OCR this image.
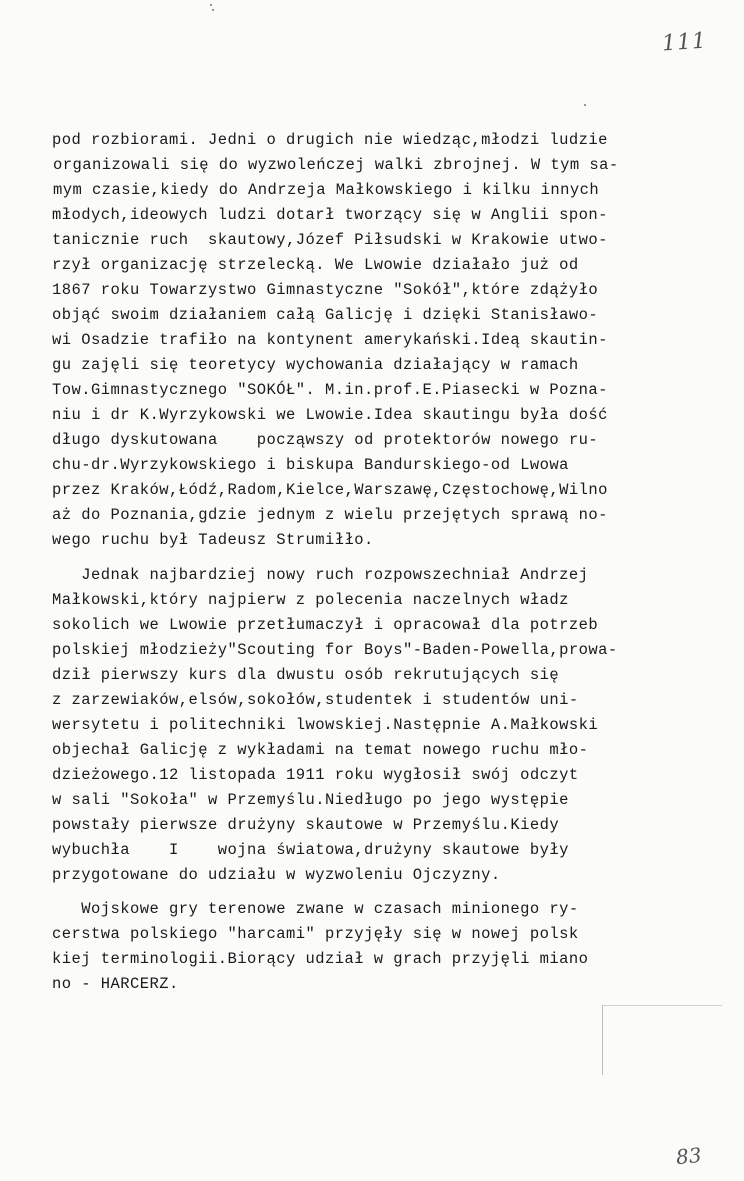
111
pod rozbiorami. Jedni o drugich nie wiedząc,młodzi ludzie
organizowali się do wyzwoleńczej walki zbrojnej. W tym sa-
mym czasie,kiedy do Andrzeja Małkowskiego i kilku innych
młodych,ideowych ludzi dotarł tworzący się w Anglii spon-
tanicznie ruch  skautowy,Józef Piłsudski w Krakowie utwo-
rzył organizację strzelecką. We Lwowie działało już od
1867 roku Towarzystwo Gimnastyczne "Sokół",które zdążyło
objąć swoim działaniem całą Galicję i dzięki Stanisławo-
wi Osadzie trafiło na kontynent amerykański.Ideą skautin-
gu zajęli się teoretycy wychowania działający w ramach
Tow.Gimnastycznego "SOKÓŁ". M.in.prof.E.Piasecki w Pozna-
niu i dr K.Wyrzykowski we Lwowie.Idea skautingu była dość
długo dyskutowana    począwszy od protektorów nowego ru-
chu-dr.Wyrzykowskiego i biskupa Bandurskiego-od Lwowa
przez Kraków,Łódź,Radom,Kielce,Warszawę,Częstochowę,Wilno
aż do Poznania,gdzie jednym z wielu przejętych sprawą no-
wego ruchu był Tadeusz Strumiłło.
Jednak najbardziej nowy ruch rozpowszechniał Andrzej
Małkowski,który najpierw z polecenia naczelnych władz
sokolich we Lwowie przetłumaczył i opracował dla potrzeb
polskiej młodzieży"Scouting for Boys"-Baden-Powella,prowa-
dził pierwszy kurs dla dwustu osób rekrutujących się
z zarzewiaków,elsów,sokołów,studentek i studentów uni-
wersytetu i politechniki lwowskiej.Następnie A.Małkowski
objechał Galicję z wykładami na temat nowego ruchu mło-
dzieżowego.12 listopada 1911 roku wygłosił swój odczyt
w sali "Sokoła" w Przemyślu.Niedługo po jego występie
powstały pierwsze drużyny skautowe w Przemyślu.Kiedy
wybuchła    I    wojna światowa,drużyny skautowe były
przygotowane do udziału w wyzwoleniu Ojczyzny.
Wojskowe gry terenowe zwane w czasach minionego ry-
cerstwa polskiego "harcami" przyjęły się w nowej polsk
kiej terminologii.Biorący udział w grach przyjęli miano
no - HARCERZ.
83
